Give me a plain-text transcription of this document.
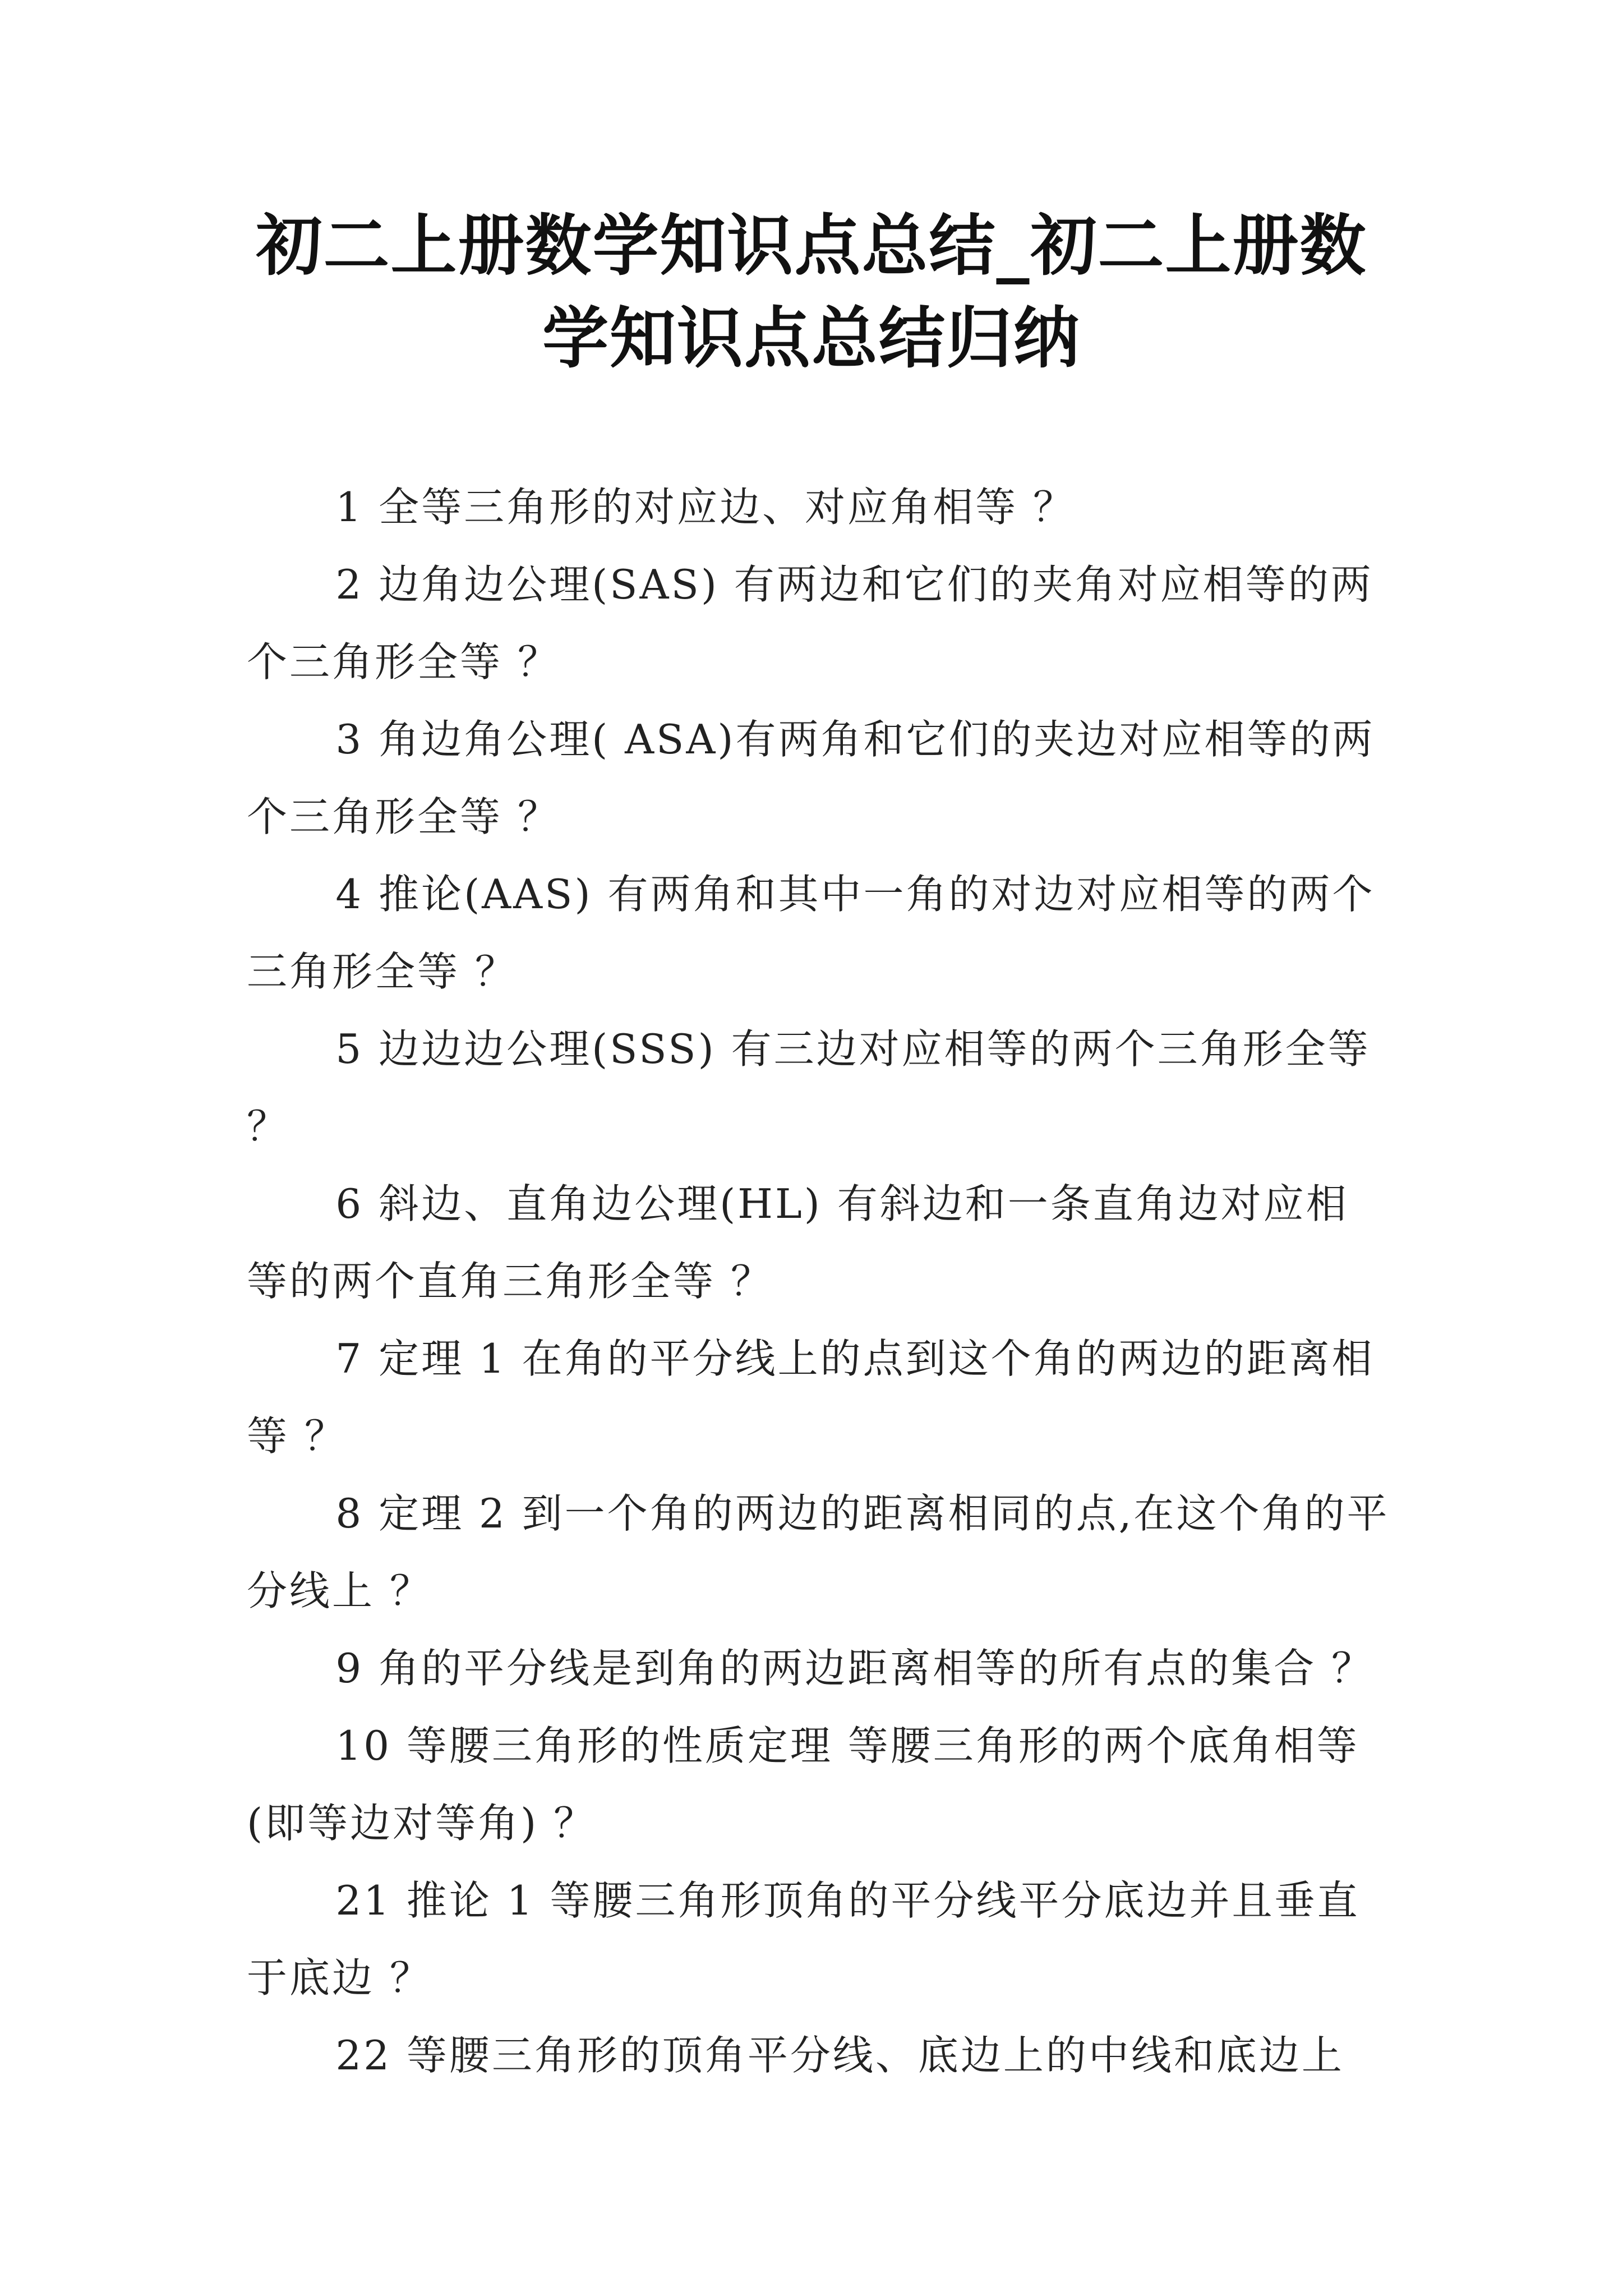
初二上册数学知识点总结_初二上册数学知识点总结归纳

1 全等三角形的对应边、对应角相等 ？

2 边角边公理(SAS) 有两边和它们的夹角对应相等的两个三角形全等 ？

3 角边角公理( ASA)有两角和它们的夹边对应相等的两个三角形全等 ？

4 推论(AAS) 有两角和其中一角的对边对应相等的两个三角形全等 ？

5 边边边公理(SSS) 有三边对应相等的两个三角形全等 ？

6 斜边、直角边公理(HL) 有斜边和一条直角边对应相等的两个直角三角形全等 ？

7 定理 1 在角的平分线上的点到这个角的两边的距离相等 ？

8 定理 2 到一个角的两边的距离相同的点,在这个角的平分线上 ？

9 角的平分线是到角的两边距离相等的所有点的集合 ？

10 等腰三角形的性质定理 等腰三角形的两个底角相等 (即等边对等角) ？

21 推论 1 等腰三角形顶角的平分线平分底边并且垂直于底边 ？

22 等腰三角形的顶角平分线、底边上的中线和底边上
